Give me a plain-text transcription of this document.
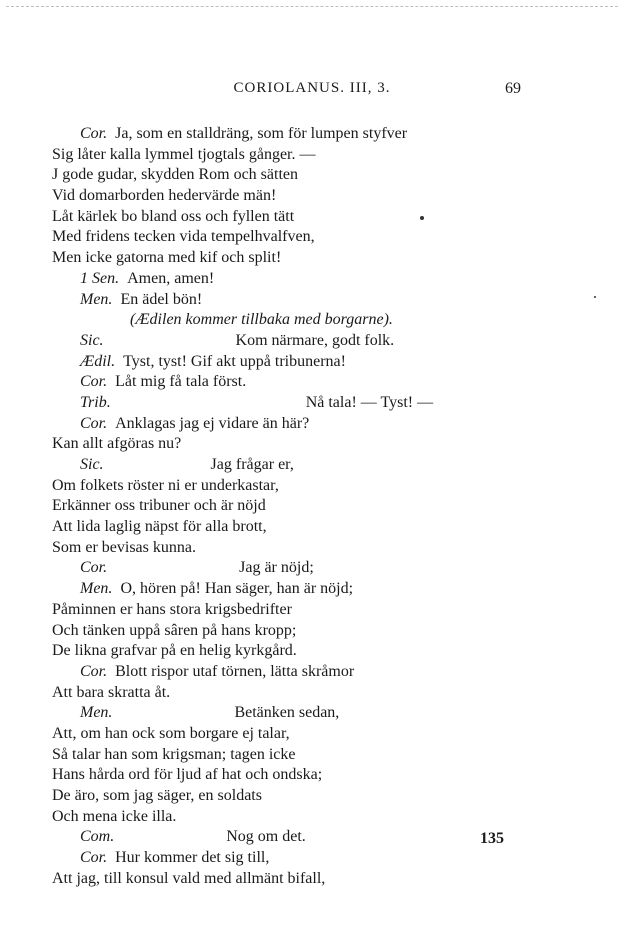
CORIOLANUS. III, 3.	69
Cor.  Ja, som en stalldräng, som för lumpen styfver
Sig låter kalla lymmel tjogtals gånger. —
J gode gudar, skydden Rom och sätten
Vid domarborden hedervärde män!
Låt kärlek bo bland oss och fyllen tätt
Med fridens tecken vida tempelhvalfven,
Men icke gatorna med kif och split!
1 Sen.  Amen, amen!
Men.  En ädel bön!
(Ædilen kommer tillbaka med borgarne).
Sic.	Kom närmare, godt folk.
Ædil.  Tyst, tyst! Gif akt uppå tribunerna!
Cor.  Låt mig få tala först.
Trib.	Nå tala! — Tyst! —
Cor.  Anklagas jag ej vidare än här?
Kan allt afgöras nu?
Sic.	Jag frågar er,
Om folkets röster ni er underkastar,
Erkänner oss tribuner och är nöjd
Att lida laglig näpst för alla brott,
Som er bevisas kunna.
Cor.	Jag är nöjd;
Men.  O, hören på! Han säger, han är nöjd;
Påminnen er hans stora krigsbedrifter
Och tänken uppå sâren på hans kropp;
De likna grafvar på en helig kyrkgård.
Cor.  Blott rispor utaf törnen, lätta skråmor
Att bara skratta åt.
Men.	Betänken sedan,
Att, om han ock som borgare ej talar,
Så talar han som krigsman; tagen icke
Hans hårda ord för ljud af hat och ondska;
De äro, som jag säger, en soldats
Och mena icke illa.
Com.	Nog om det.
Cor.  Hur kommer det sig till,
Att jag, till konsul vald med allmänt bifall,
135
